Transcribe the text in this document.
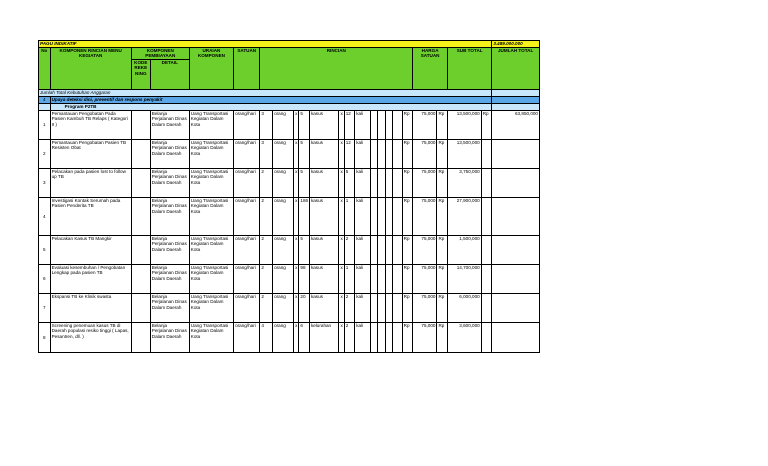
PAGU INDIKATIF																							3.489.000.000
No	KOMPONEN RINCIAN MENU KEGIATAN	KOMPONEN PEMBIAYAAN		URAIAN KOMPONEN	SATUAN	RINCIAN													HARGA SATUAN		SUB TOTAL		JUMLAH TOTAL
		KODE REKE NING	DETAIL																				
Jumlah Total Kebutuhan Anggaran																							
4	Upaya deteksi dini, preventif dan respons penyakit																						
	Program P2TB																						
1	Pemantauan Pengobatan Pada Pasien Kambuh TB Relaps ( Kategori II )		Belanja Perjalanan Dinas Dalam Daerah	Uang Transportasi Kegiatan Dalam Kota	orang/hari	3	orang	x	5	kasus	x	12	kali					Rp	75,000	Rp	13,500,000	Rp	63,850,000
2	Pemantauan Pengobatan Pasien TB Resisten Obat		Belanja Perjalanan Dinas Dalam Daerah	Uang Transportasi Kegiatan Dalam Kota	orang/hari	3	orang	x	5	kasus	x	12	kali					Rp	75,000	Rp	13,500,000		
3	Pelacakan pada pasien lost to follow up TB		Belanja Perjalanan Dinas Dalam Daerah	Uang Transportasi Kegiatan Dalam Kota	orang/hari	2	orang	x	5	kasus	x	5	kali					Rp	75,000	Rp	3,750,000		
4	Investigasi Kontak Serumah pada Pasien Penderita TB		Belanja Perjalanan Dinas Dalam Daerah	Uang Transportasi Kegiatan Dalam Kota	orang/hari	2	orang	x	186	kasus	x	1	kali					Rp	75,000	Rp	27,900,000		
5	Pelacakan Kasus TB Mangkir		Belanja Perjalanan Dinas Dalam Daerah	Uang Transportasi Kegiatan Dalam Kota	orang/hari	2	orang	x	5	kasus	x	2	kali					Rp	75,000	Rp	1,500,000		
6	Evaluasi kesembuhan / Pengobatan Lengkap pada pasien TB		Belanja Perjalanan Dinas Dalam Daerah	Uang Transportasi Kegiatan Dalam Kota	orang/hari	2	orang	x	98	kasus	x	1	kali					Rp	75,000	Rp	14,700,000		
7	Ekspansi TB ke Klinik swasta		Belanja Perjalanan Dinas Dalam Daerah	Uang Transportasi Kegiatan Dalam Kota	orang/hari	2	orang	x	20	kasus	x	2	kali					Rp	75,000	Rp	6,000,000		
8	Screening penemuan kasus TB di Daerah populasi resiko tinggi ( Lapas, Pesantren, dll. )		Belanja Perjalanan Dinas Dalam Daerah	Uang Transportasi Kegiatan Dalam Kota	orang/hari	4	orang	x	6	kelurahan	x	2	kali					Rp	75,000	Rp	3,600,000		
